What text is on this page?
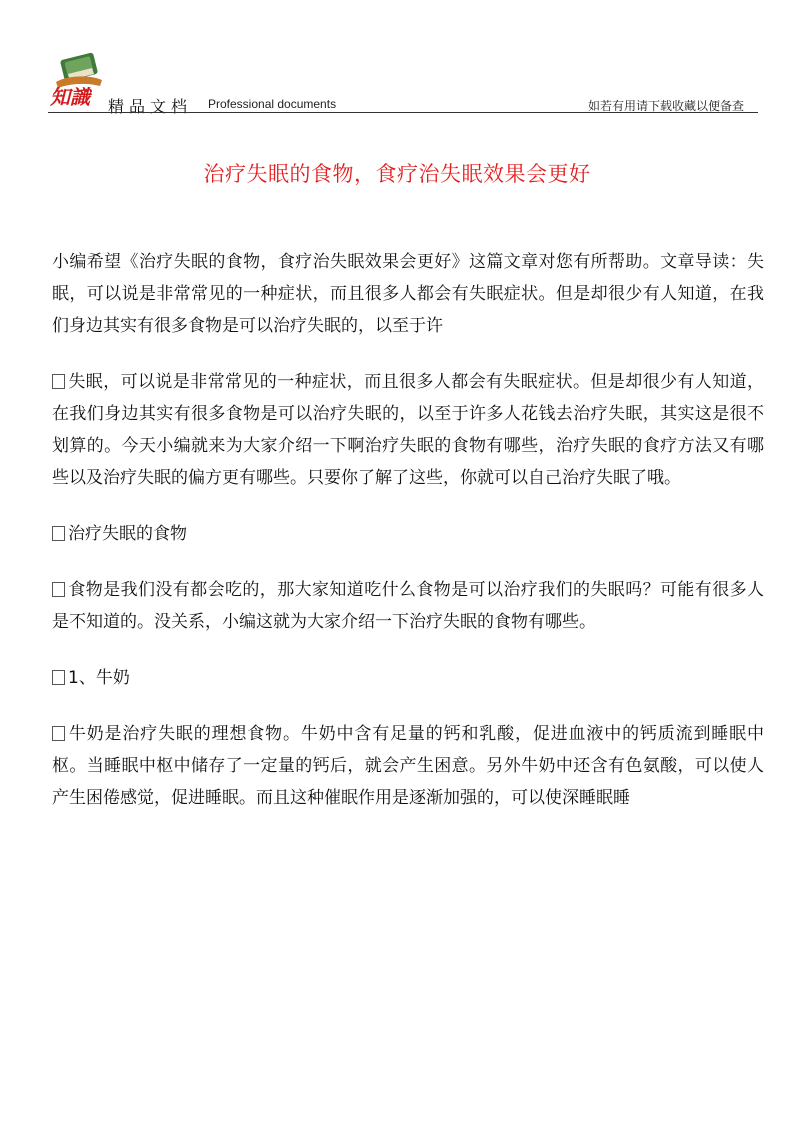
知識 精品文档 Professional documents	如若有用请下载收藏以便备查
治疗失眠的食物，食疗治失眠效果会更好

小编希望《治疗失眠的食物，食疗治失眠效果会更好》这篇文章对您有所帮助。文章导读：失眠，可以说是非常常见的一种症状，而且很多人都会有失眠症状。但是却很少有人知道，在我们身边其实有很多食物是可以治疗失眠的，以至于许

失眠，可以说是非常常见的一种症状，而且很多人都会有失眠症状。但是却很少有人知道，在我们身边其实有很多食物是可以治疗失眠的，以至于许多人花钱去治疗失眠，其实这是很不划算的。今天小编就来为大家介绍一下啊治疗失眠的食物有哪些，治疗失眠的食疗方法又有哪些以及治疗失眠的偏方更有哪些。只要你了解了这些，你就可以自己治疗失眠了哦。

治疗失眠的食物

食物是我们没有都会吃的，那大家知道吃什么食物是可以治疗我们的失眠吗？可能有很多人是不知道的。没关系，小编这就为大家介绍一下治疗失眠的食物有哪些。

1、牛奶

牛奶是治疗失眠的理想食物。牛奶中含有足量的钙和乳酸，促进血液中的钙质流到睡眠中枢。当睡眠中枢中储存了一定量的钙后，就会产生困意。另外牛奶中还含有色氨酸，可以使人产生困倦感觉，促进睡眠。而且这种催眠作用是逐渐加强的，可以使深睡眠睡
